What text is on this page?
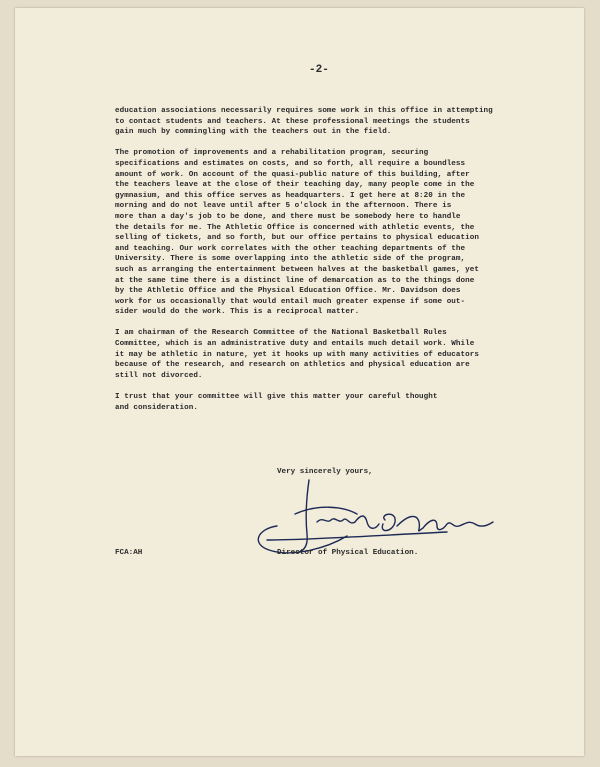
-2-

education associations necessarily requires some work in this office in attempting
to contact students and teachers. At these professional meetings the students
gain much by commingling with the teachers out in the field.

The promotion of improvements and a rehabilitation program, securing
specifications and estimates on costs, and so forth, all require a boundless
amount of work. On account of the quasi-public nature of this building, after
the teachers leave at the close of their teaching day, many people come in the
gymnasium, and this office serves as headquarters. I get here at 8:20 in the
morning and do not leave until after 5 o'clock in the afternoon. There is
more than a day's job to be done, and there must be somebody here to handle
the details for me. The Athletic Office is concerned with athletic events, the
selling of tickets, and so forth, but our office pertains to physical education
and teaching. Our work correlates with the other teaching departments of the
University. There is some overlapping into the athletic side of the program,
such as arranging the entertainment between halves at the basketball games, yet
at the same time there is a distinct line of demarcation as to the things done
by the Athletic Office and the Physical Education Office. Mr. Davidson does
work for us occasionally that would entail much greater expense if some out-
sider would do the work. This is a reciprocal matter.

I am chairman of the Research Committee of the National Basketball Rules
Committee, which is an administrative duty and entails much detail work. While
it may be athletic in nature, yet it hooks up with many activities of educators
because of the research, and research on athletics and physical education are
still not divorced.

I trust that your committee will give this matter your careful thought
and consideration.

Very sincerely yours,
FCA:AH	Director of Physical Education.
